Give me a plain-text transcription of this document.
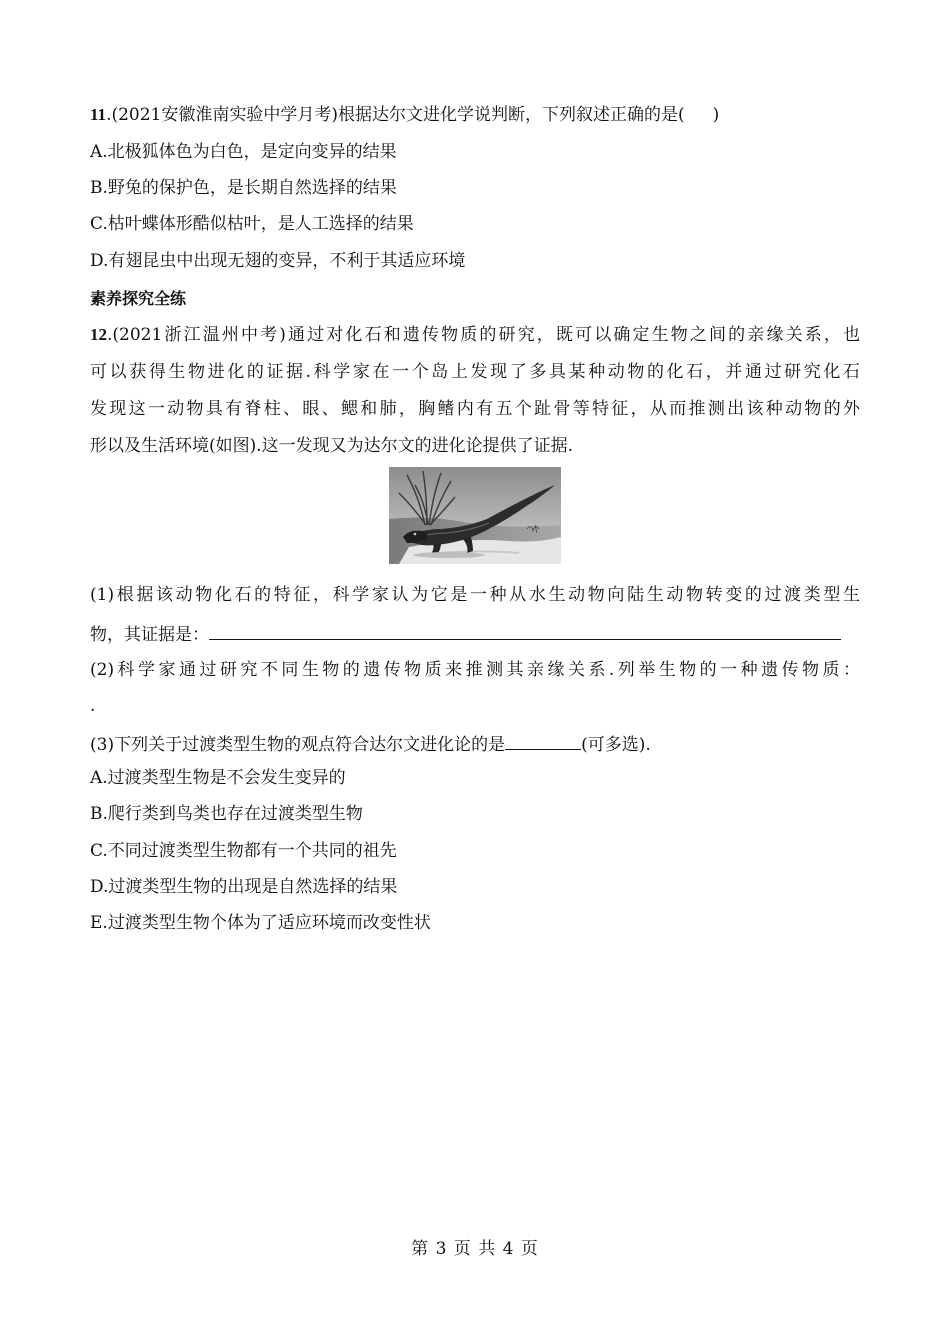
11.(2021安徽淮南实验中学月考)根据达尔文进化学说判断，下列叙述正确的是( )
A.北极狐体色为白色，是定向变异的结果
B.野兔的保护色，是长期自然选择的结果
C.枯叶蝶体形酷似枯叶，是人工选择的结果
D.有翅昆虫中出现无翅的变异，不利于其适应环境
素养探究全练
12.(2021浙江温州中考)通过对化石和遗传物质的研究，既可以确定生物之间的亲缘关系，也
可以获得生物进化的证据.科学家在一个岛上发现了多具某种动物的化石，并通过研究化石
发现这一动物具有脊柱、眼、鳃和肺，胸鳍内有五个趾骨等特征，从而推测出该种动物的外
形以及生活环境(如图).这一发现又为达尔文的进化论提供了证据.
(1)根据该动物化石的特征，科学家认为它是一种从水生动物向陆生动物转变的过渡类型生
物，其证据是：
(2)科学家通过研究不同生物的遗传物质来推测其亲缘关系.列举生物的一种遗传物质：
.
(3)下列关于过渡类型生物的观点符合达尔文进化论的是	(可多选).
A.过渡类型生物是不会发生变异的
B.爬行类到鸟类也存在过渡类型生物
C.不同过渡类型生物都有一个共同的祖先
D.过渡类型生物的出现是自然选择的结果
E.过渡类型生物个体为了适应环境而改变性状
第 3 页 共 4 页
